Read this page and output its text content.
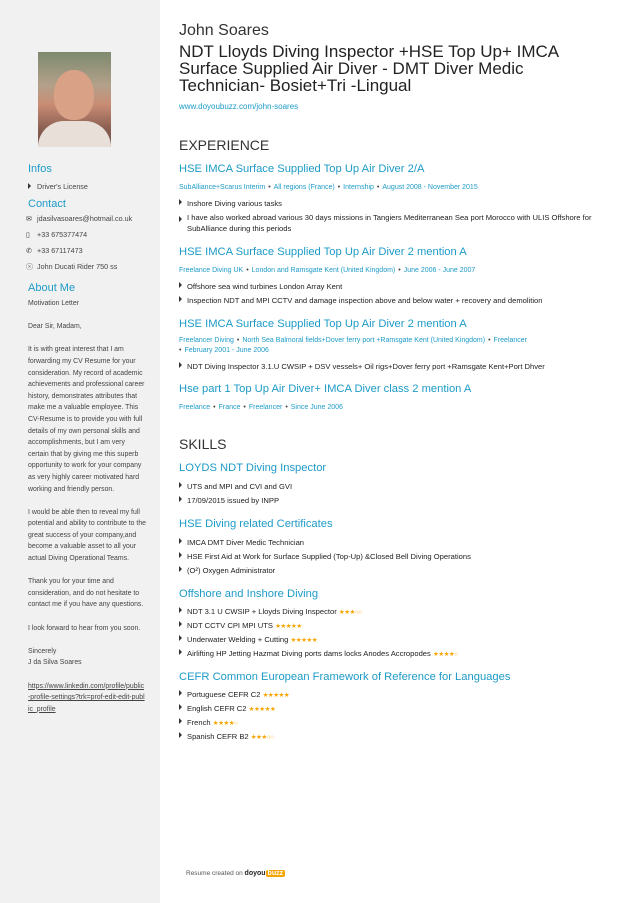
Infos
Driver's License
Contact
✉ jdasilvasoares@hotmail.co.uk
▯ +33 675377474
✆ +33 67117473
ⓢ John Ducati Rider 750 ss
About Me

Motivation Letter

Dear Sir, Madam,

It is with great interest that I am forwarding my CV Resume for your consideration. My record of academic achievements and professional career history, demonstrates attributes that make me a valuable employee. This CV-Resume is to provide you with full details of my own personal skills and accomplishments, but I am very certain that by giving me this superb opportunity to work for your company as very highly career motivated hard working and friendly person.

I would be able then to reveal my full potential and ability to contribute to the great success of your company,and become a valuable asset to all your actual Diving Operational Teams.

Thank you for your time and consideration, and do not hesitate to contact me if you have any questions.

I look forward to hear from you soon.

Sincerely

J da Silva Soares

https://www.linkedin.com/profile/public-profile-settings?trk=prof-edit-edit-public_profile

John Soares
NDT Lloyds Diving Inspector +HSE Top Up+ IMCA Surface Supplied Air Diver - DMT Diver Medic Technician- Bosiet+Tri -Lingual
www.doyoubuzz.com/john-soares
EXPERIENCE
HSE IMCA Surface Supplied Top Up Air Diver 2/A
SubAlliance+Scarus Interim • All regions (France) • Internship • August 2008 - November 2015
Inshore Diving various tasks
I have also worked abroad various 30 days missions in Tangiers Mediterranean Sea port Morocco with ULIS Offshore for SubAlliance during this periods
HSE IMCA Surface Supplied Top Up Air Diver 2 mention A
Freelance Diving UK • London and Ramsgate Kent (United Kingdom) • June 2006 - June 2007
Offshore sea wind turbines London Array Kent
Inspection NDT and MPI CCTV and damage inspection above and below water + recovery and demolition
HSE IMCA Surface Supplied Top Up Air Diver 2 mention A
Freelancer Diving • North Sea Balmoral fields+Dover ferry port +Ramsgate Kent (United Kingdom) • Freelancer
• February 2001 - June 2006
NDT Diving Inspector 3.1.U CWSIP + DSV vessels+ Oil rigs+Dover ferry port +Ramsgate Kent+Port Dhver
Hse part 1 Top Up Air Diver+ IMCA Diver class 2 mention A
Freelance • France • Freelancer • Since June 2006
SKILLS
LOYDS NDT Diving Inspector
UTS and MPI and CVI and GVI
17/09/2015 issued by INPP
HSE Diving related Certificates
IMCA DMT Diver Medic Technician
HSE First Aid at Work for Surface Supplied (Top-Up) &Closed Bell Diving Operations
(O²) Oxygen Administrator
Offshore and Inshore Diving
NDT 3.1 U CWSIP + Lloyds Diving Inspector ★★★○○
NDT CCTV CPI MPI UTS ★★★★★
Underwater Welding + Cutting ★★★★★
Airlifting HP Jetting Hazmat Diving ports dams locks Anodes Accropodes ★★★★○
CEFR Common European Framework of Reference for Languages
Portuguese CEFR C2 ★★★★★
English CEFR C2 ★★★★★
French ★★★★○
Spanish CEFR B2 ★★★○○
Resume created on doyou buzz
